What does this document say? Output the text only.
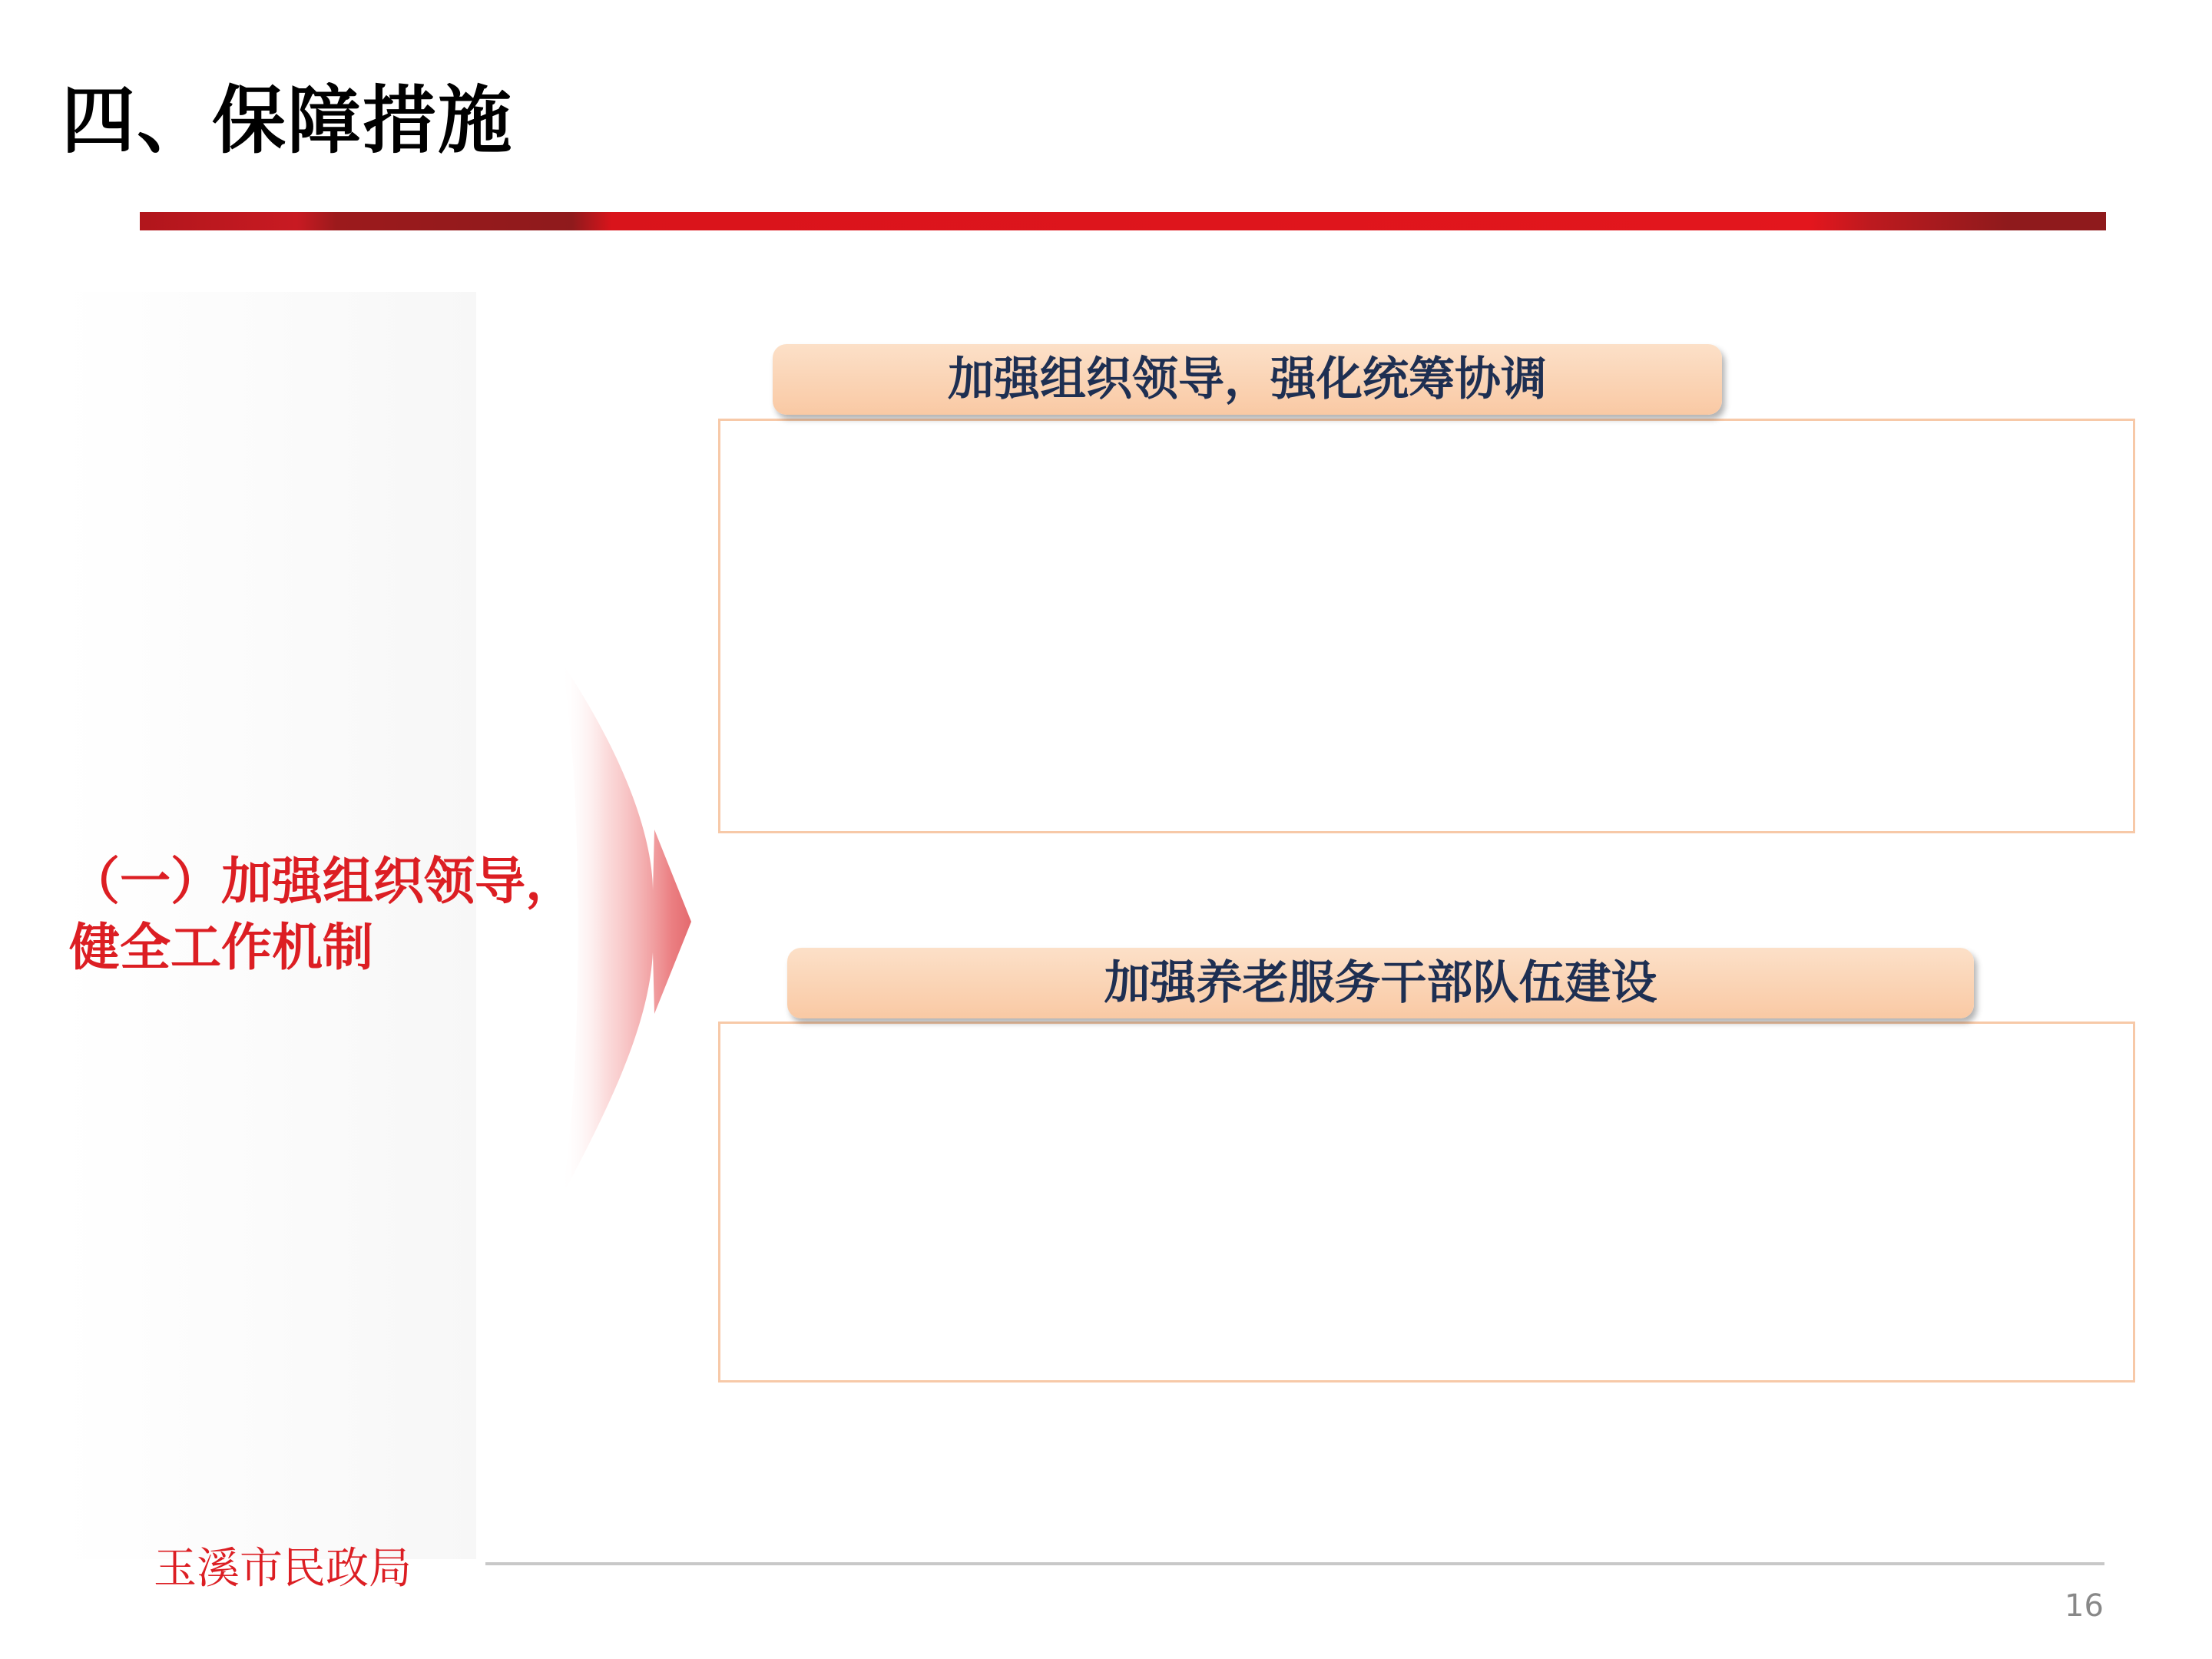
四、保障措施
（一）加强组织领导，
健全工作机制
加强组织领导，强化统筹协调
加强养老服务干部队伍建设
玉溪市民政局
16
